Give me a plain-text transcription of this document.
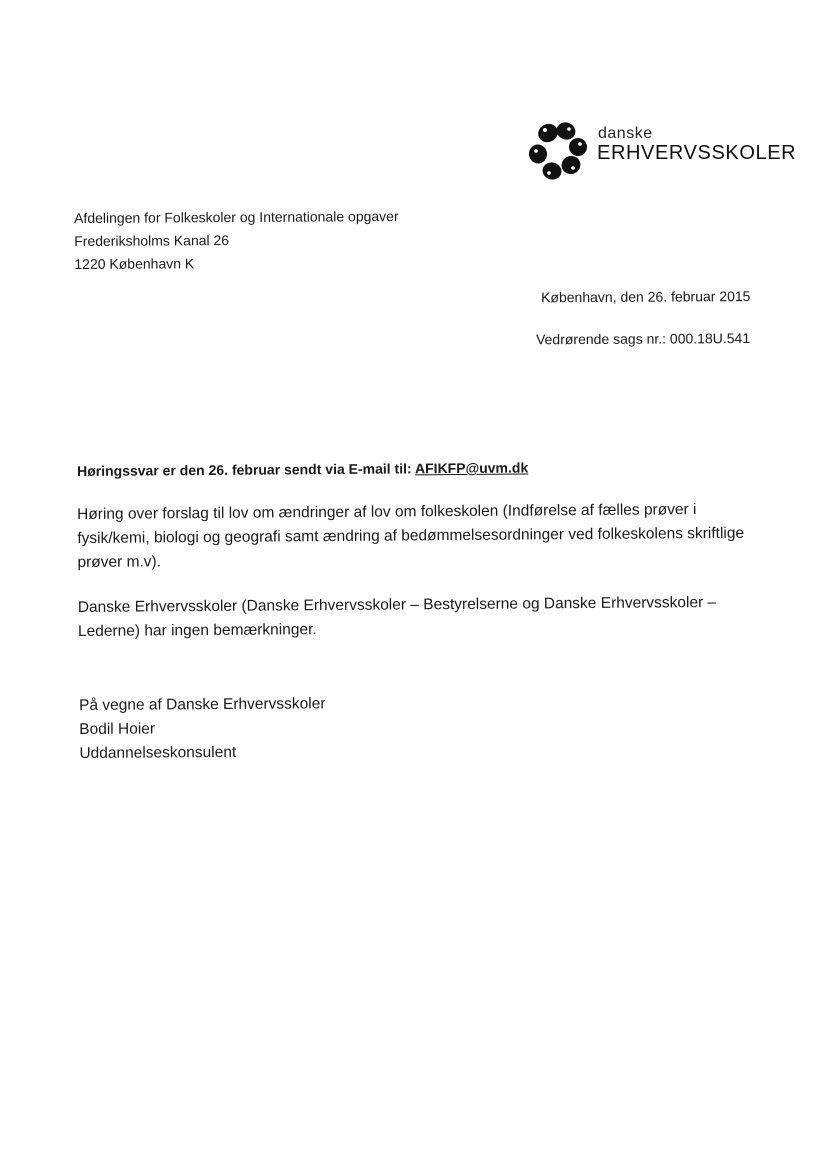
danske
ERHVERVSSKOLER
Afdelingen for Folkeskoler og Internationale opgaver
Frederiksholms Kanal 26
1220 København K
København, den 26. februar 2015
Vedrørende sags nr.: 000.18U.541
Høringssvar er den 26. februar sendt via E-mail til: AFIKFP@uvm.dk

Høring over forslag til lov om ændringer af lov om folkeskolen (Indførelse af fælles prøver i fysik/kemi, biologi og geografi samt ændring af bedømmelsesordninger ved folkeskolens skriftlige prøver m.v).

Danske Erhvervsskoler (Danske Erhvervsskoler – Bestyrelserne og Danske Erhvervsskoler – Lederne) har ingen bemærkninger.

På vegne af Danske Erhvervsskoler
Bodil Hoier
Uddannelseskonsulent
